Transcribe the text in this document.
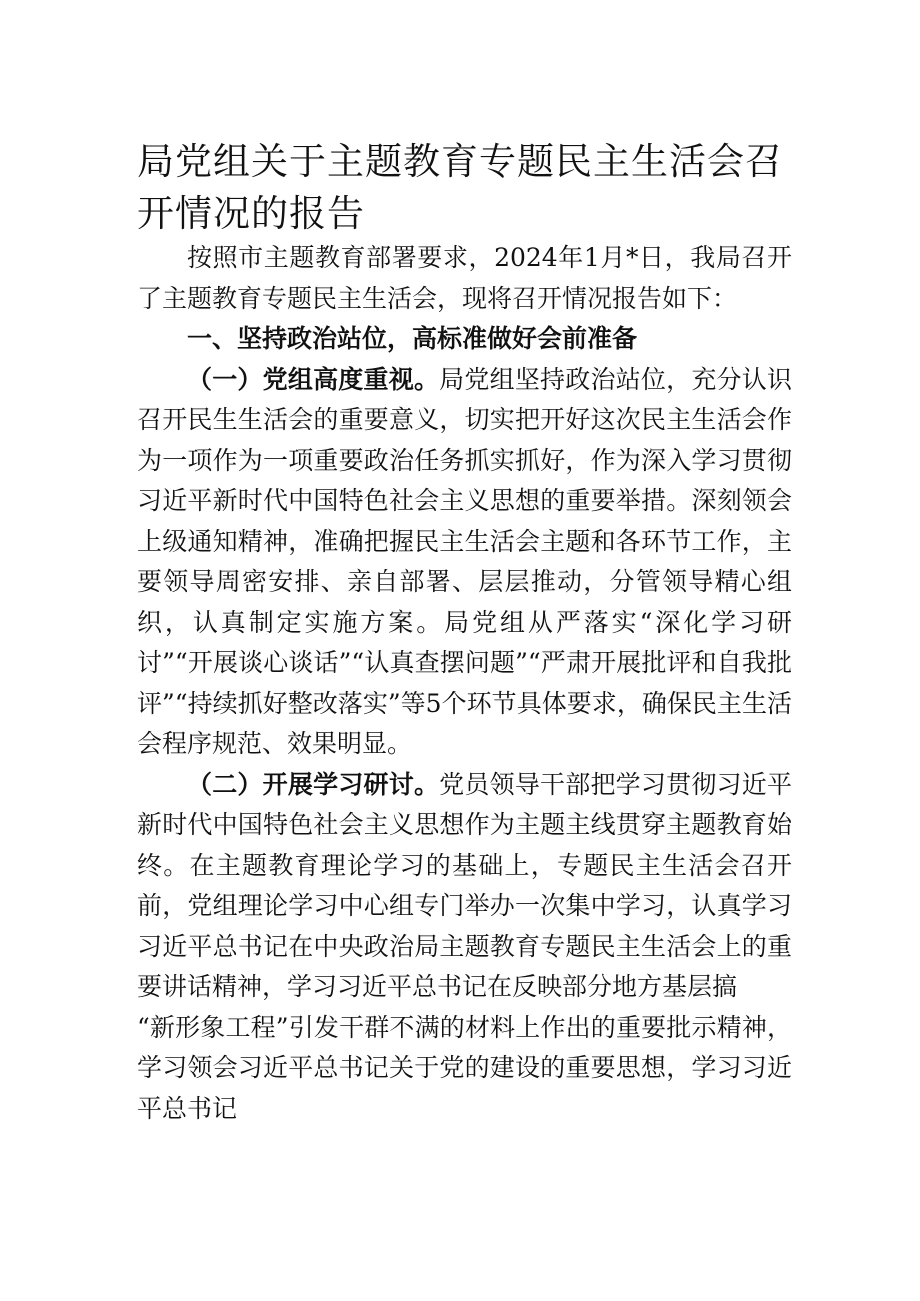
局党组关于主题教育专题民主生活会召开情况的报告

按照市主题教育部署要求，2024年1月*日，我局召开了主题教育专题民主生活会，现将召开情况报告如下：

一、坚持政治站位，高标准做好会前准备

（一）党组高度重视。局党组坚持政治站位，充分认识召开民生生活会的重要意义，切实把开好这次民主生活会作为一项作为一项重要政治任务抓实抓好，作为深入学习贯彻习近平新时代中国特色社会主义思想的重要举措。深刻领会上级通知精神，准确把握民主生活会主题和各环节工作，主要领导周密安排、亲自部署、层层推动，分管领导精心组织，认真制定实施方案。局党组从严落实“深化学习研讨”“开展谈心谈话”“认真查摆问题”“严肃开展批评和自我批评”“持续抓好整改落实”等5个环节具体要求，确保民主生活会程序规范、效果明显。

（二）开展学习研讨。党员领导干部把学习贯彻习近平新时代中国特色社会主义思想作为主题主线贯穿主题教育始终。在主题教育理论学习的基础上，专题民主生活会召开前，党组理论学习中心组专门举办一次集中学习，认真学习习近平总书记在中央政治局主题教育专题民主生活会上的重要讲话精神，学习习近平总书记在反映部分地方基层搞

“新形象工程”引发干群不满的材料上作出的重要批示精神，学习领会习近平总书记关于党的建设的重要思想，学习习近平总书记
